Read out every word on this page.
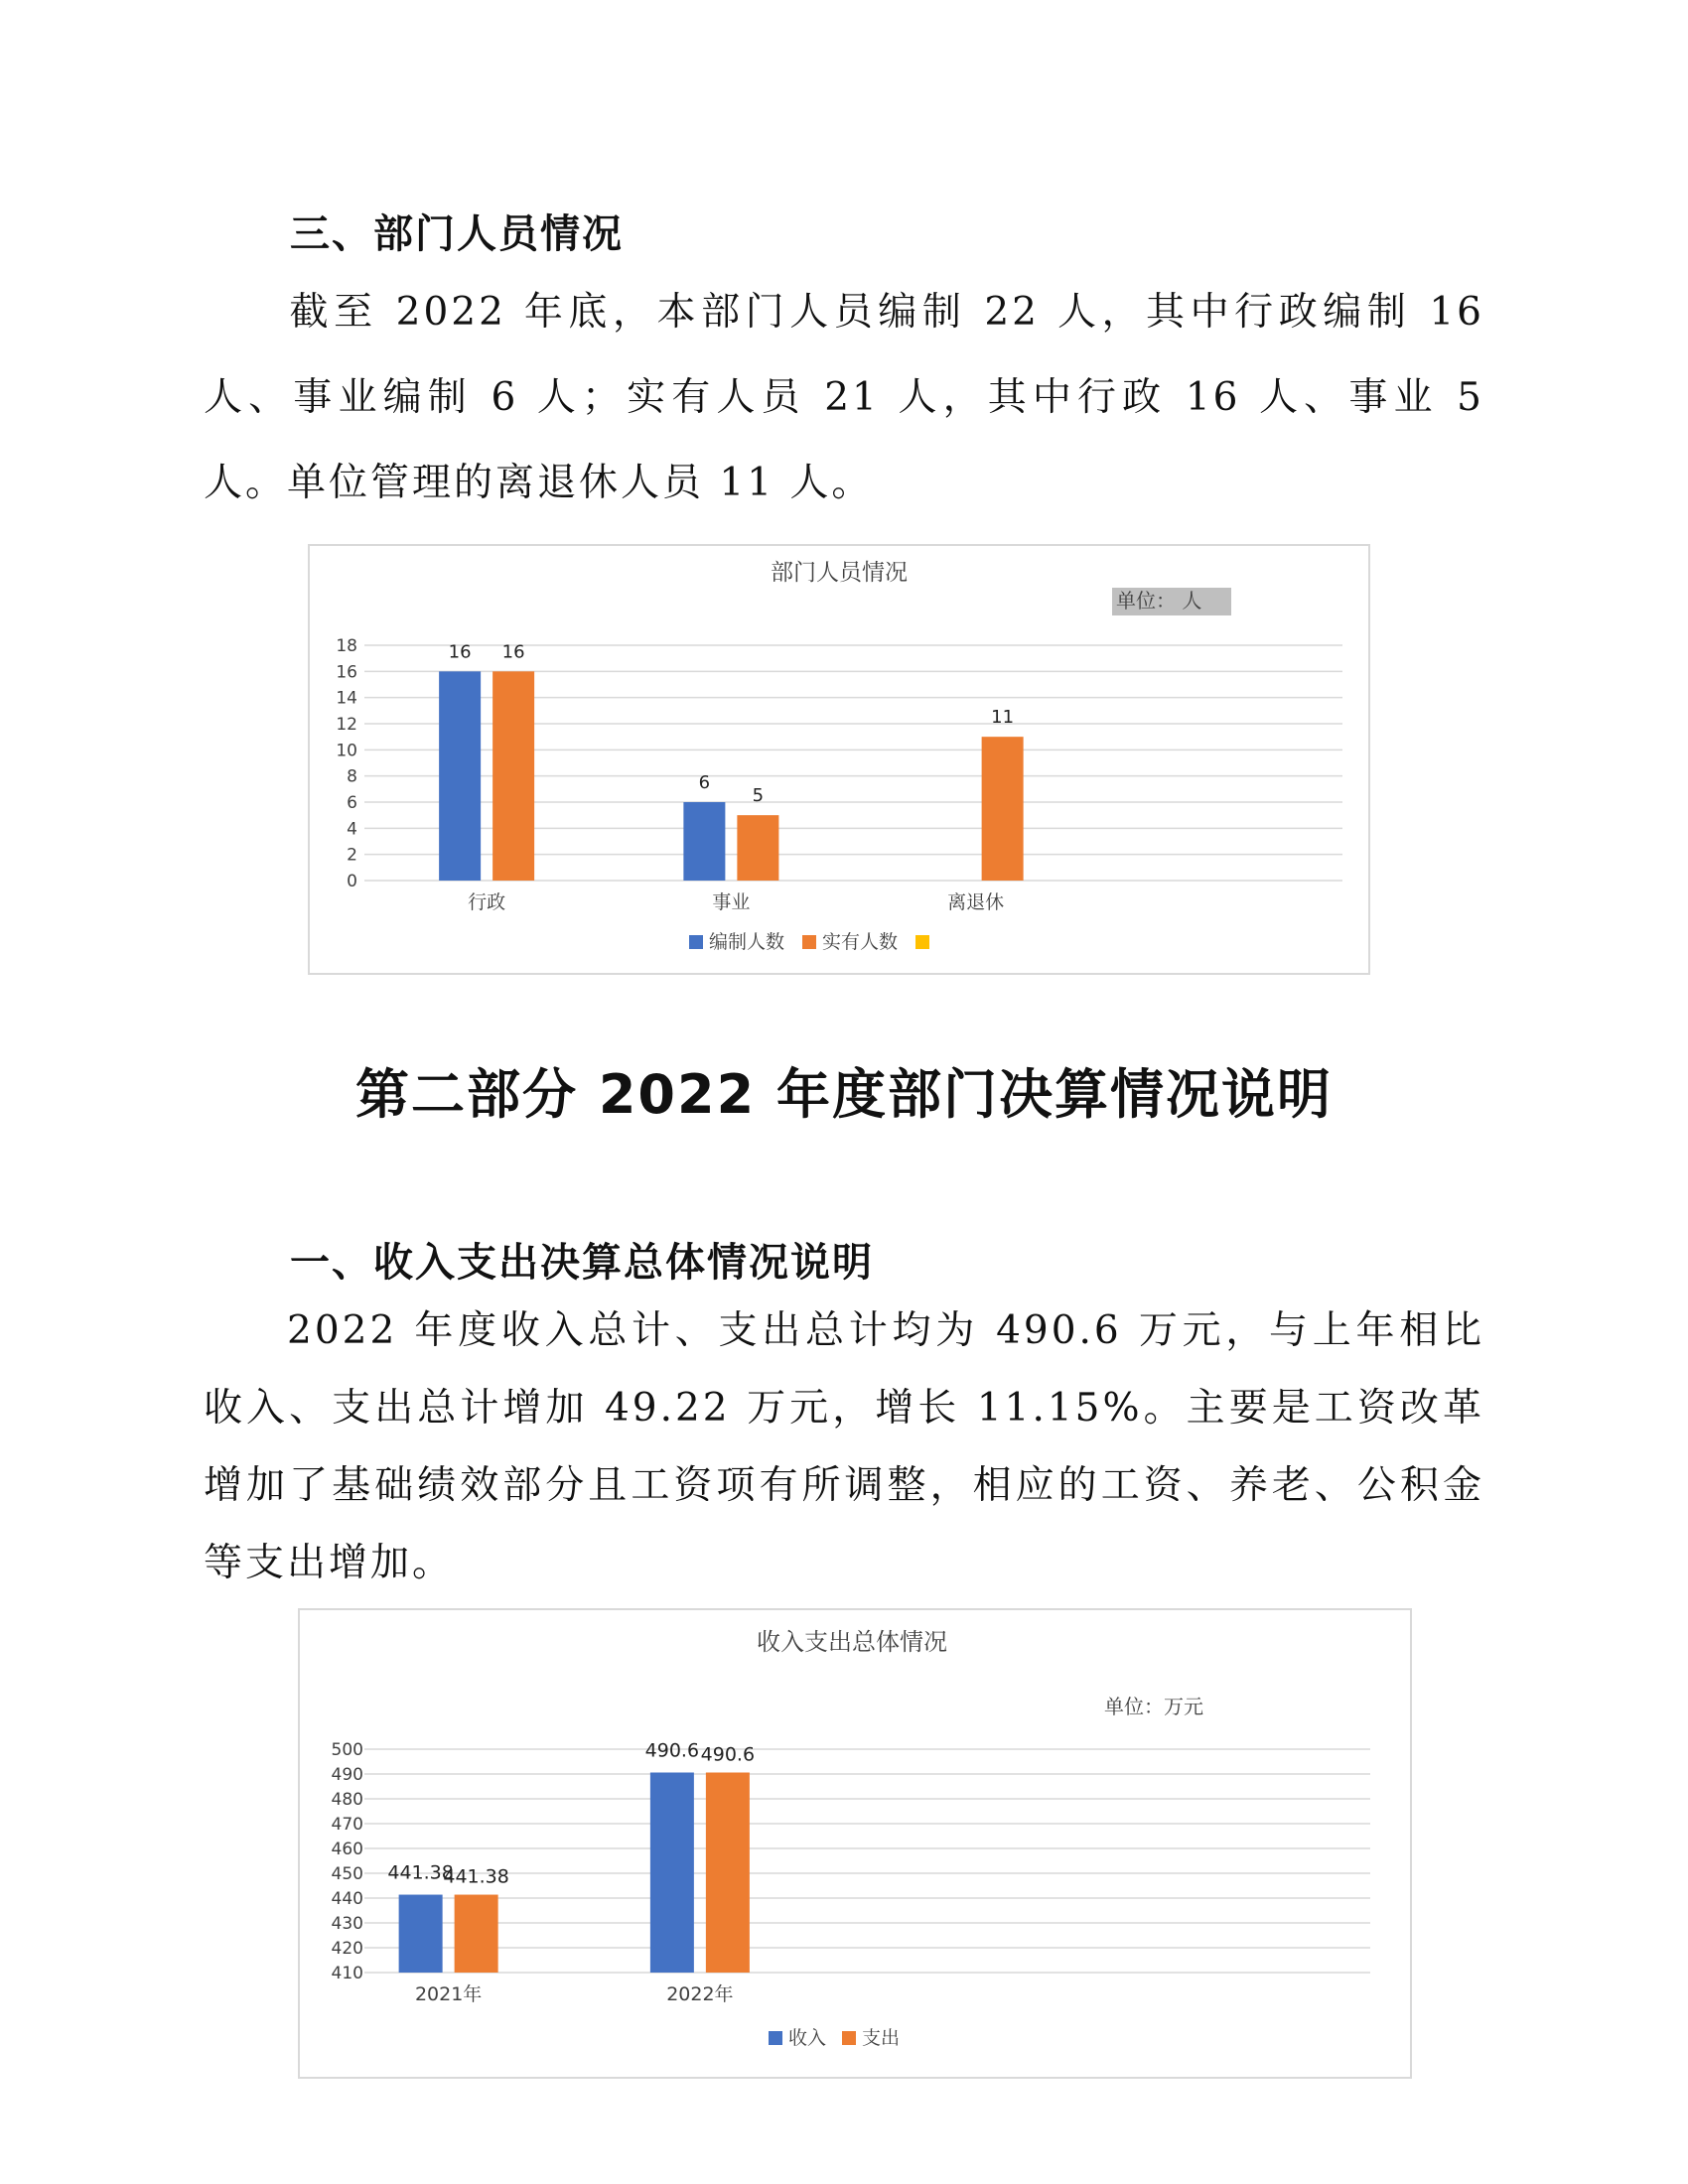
三、部门人员情况

截至 2022 年底，本部门人员编制 22 人，其中行政编制 16 人、事业编制 6 人；实有人员 21 人，其中行政 16 人、事业 5 人。单位管理的离退休人员 11 人。

部门人员情况
单位： 人
0
2
4
6
8
10
12
14
16
18
行政
16 16
事业
6
5
离退休
11
编制人数 实有人数
第二部分 2022 年度部门决算情况说明
一、收入支出决算总体情况说明

2022 年度收入总计、支出总计均为 490.6 万元，与上年相比收入、支出总计增加 49.22 万元，增长 11.15%。主要是工资改革增加了基础绩效部分且工资项有所调整，相应的工资、养老、公积金等支出增加。

收入支出总体情况
单位：万元
410
420
430
440
450
460
470
480
490
500
2021年
441.38
441.38
2022年
490.6 490.6
收入 支出
